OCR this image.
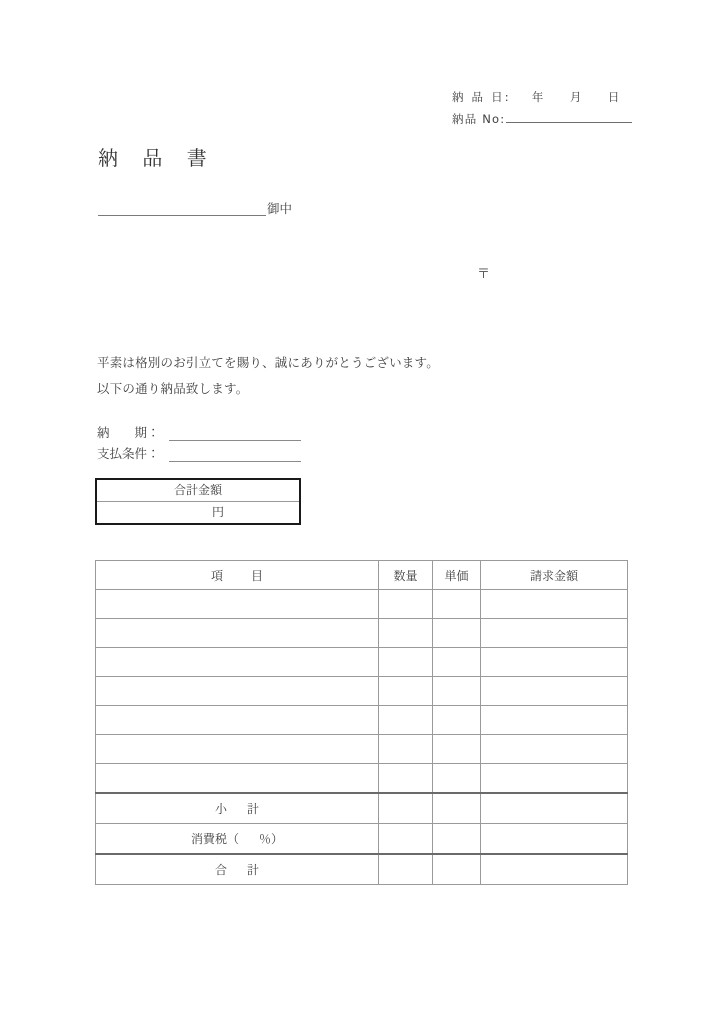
納 品 日:	年	月	日
納品 No:
納 品 書
御中
〒
平素は格別のお引立てを賜り、誠にありがとうございます。
以下の通り納品致します。
納　　期：
支払条件：
合計金額
円
項 目	数量	単価	請求金額

小 計			
消費税（ ％）			
合 計			
